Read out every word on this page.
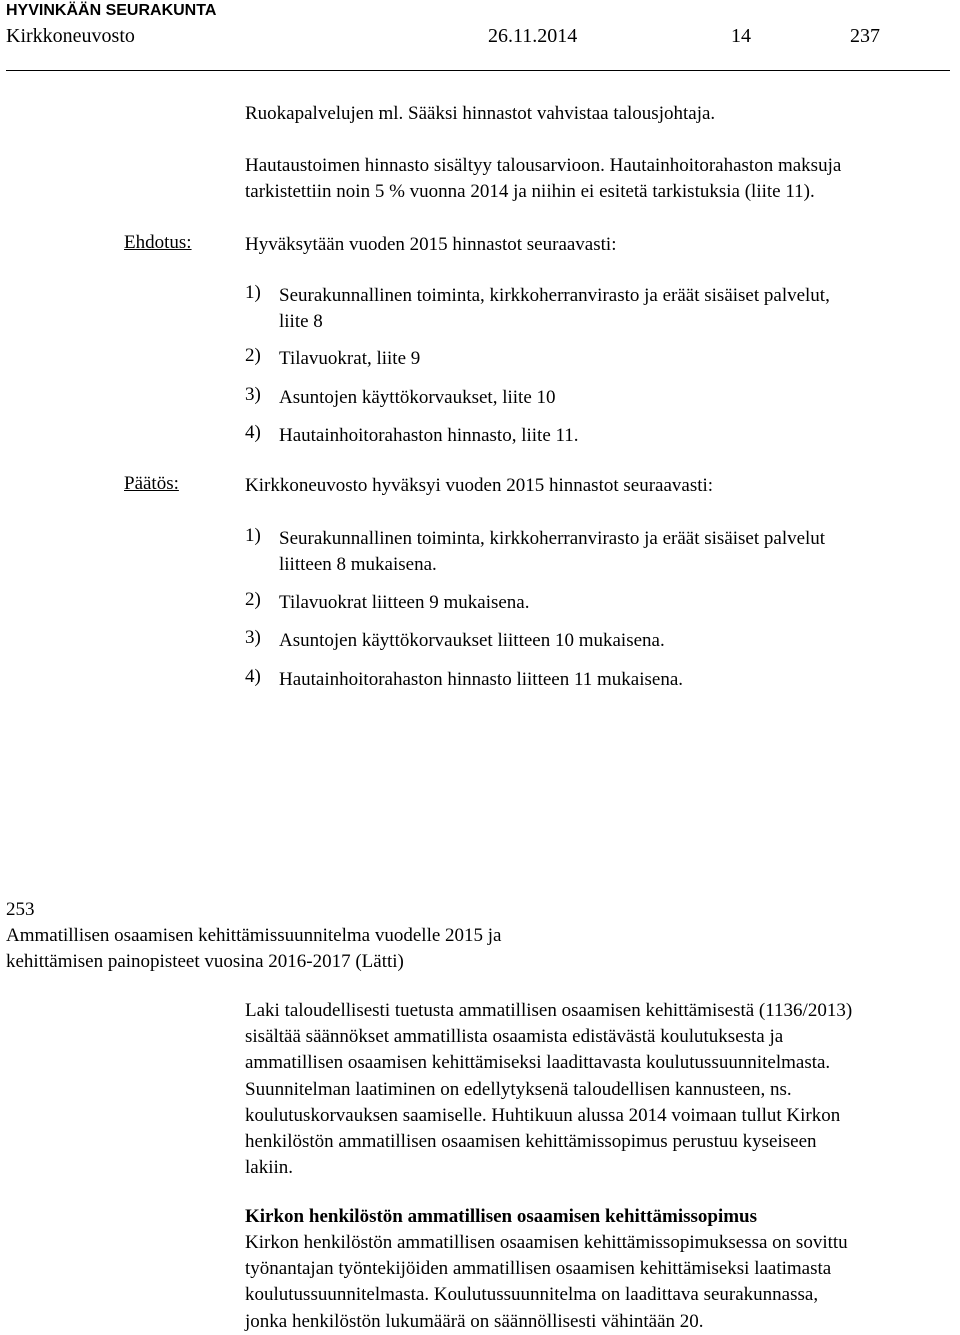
HYVINKÄÄN SEURAKUNTA
Kirkkoneuvosto	26.11.2014	14	237
Ruokapalvelujen ml. Sääksi hinnastot vahvistaa talousjohtaja.
Hautaustoimen hinnasto sisältyy talousarvioon. Hautainhoitorahaston maksuja
tarkistettiin noin 5 % vuonna 2014 ja niihin ei esitetä tarkistuksia (liite 11).
Ehdotus:	Hyväksytään vuoden 2015 hinnastot seuraavasti:
1) Seurakunnallinen toiminta, kirkkoherranvirasto ja eräät sisäiset palvelut,
liite 8
2) Tilavuokrat, liite 9
3) Asuntojen käyttökorvaukset, liite 10
4) Hautainhoitorahaston hinnasto, liite 11.
Päätös:	Kirkkoneuvosto hyväksyi vuoden 2015 hinnastot seuraavasti:
1) Seurakunnallinen toiminta, kirkkoherranvirasto ja eräät sisäiset palvelut
liitteen 8 mukaisena.
2) Tilavuokrat liitteen 9 mukaisena.
3) Asuntojen käyttökorvaukset liitteen 10 mukaisena.
4) Hautainhoitorahaston hinnasto liitteen 11 mukaisena.
253
Ammatillisen osaamisen kehittämissuunnitelma vuodelle 2015 ja
kehittämisen painopisteet vuosina 2016-2017 (Lätti)
Laki taloudellisesti tuetusta ammatillisen osaamisen kehittämisestä (1136/2013)
sisältää säännökset ammatillista osaamista edistävästä koulutuksesta ja
ammatillisen osaamisen kehittämiseksi laadittavasta koulutussuunnitelmasta.
Suunnitelman laatiminen on edellytyksenä taloudellisen kannusteen, ns.
koulutuskorvauksen saamiselle. Huhtikuun alussa 2014 voimaan tullut Kirkon
henkilöstön ammatillisen osaamisen kehittämissopimus perustuu kyseiseen
lakiin.
Kirkon henkilöstön ammatillisen osaamisen kehittämissopimus
Kirkon henkilöstön ammatillisen osaamisen kehittämissopimuksessa on sovittu
työnantajan työntekijöiden ammatillisen osaamisen kehittämiseksi laatimasta
koulutussuunnitelmasta. Koulutussuunnitelma on laadittava seurakunnassa,
jonka henkilöstön lukumäärä on säännöllisesti vähintään 20.
